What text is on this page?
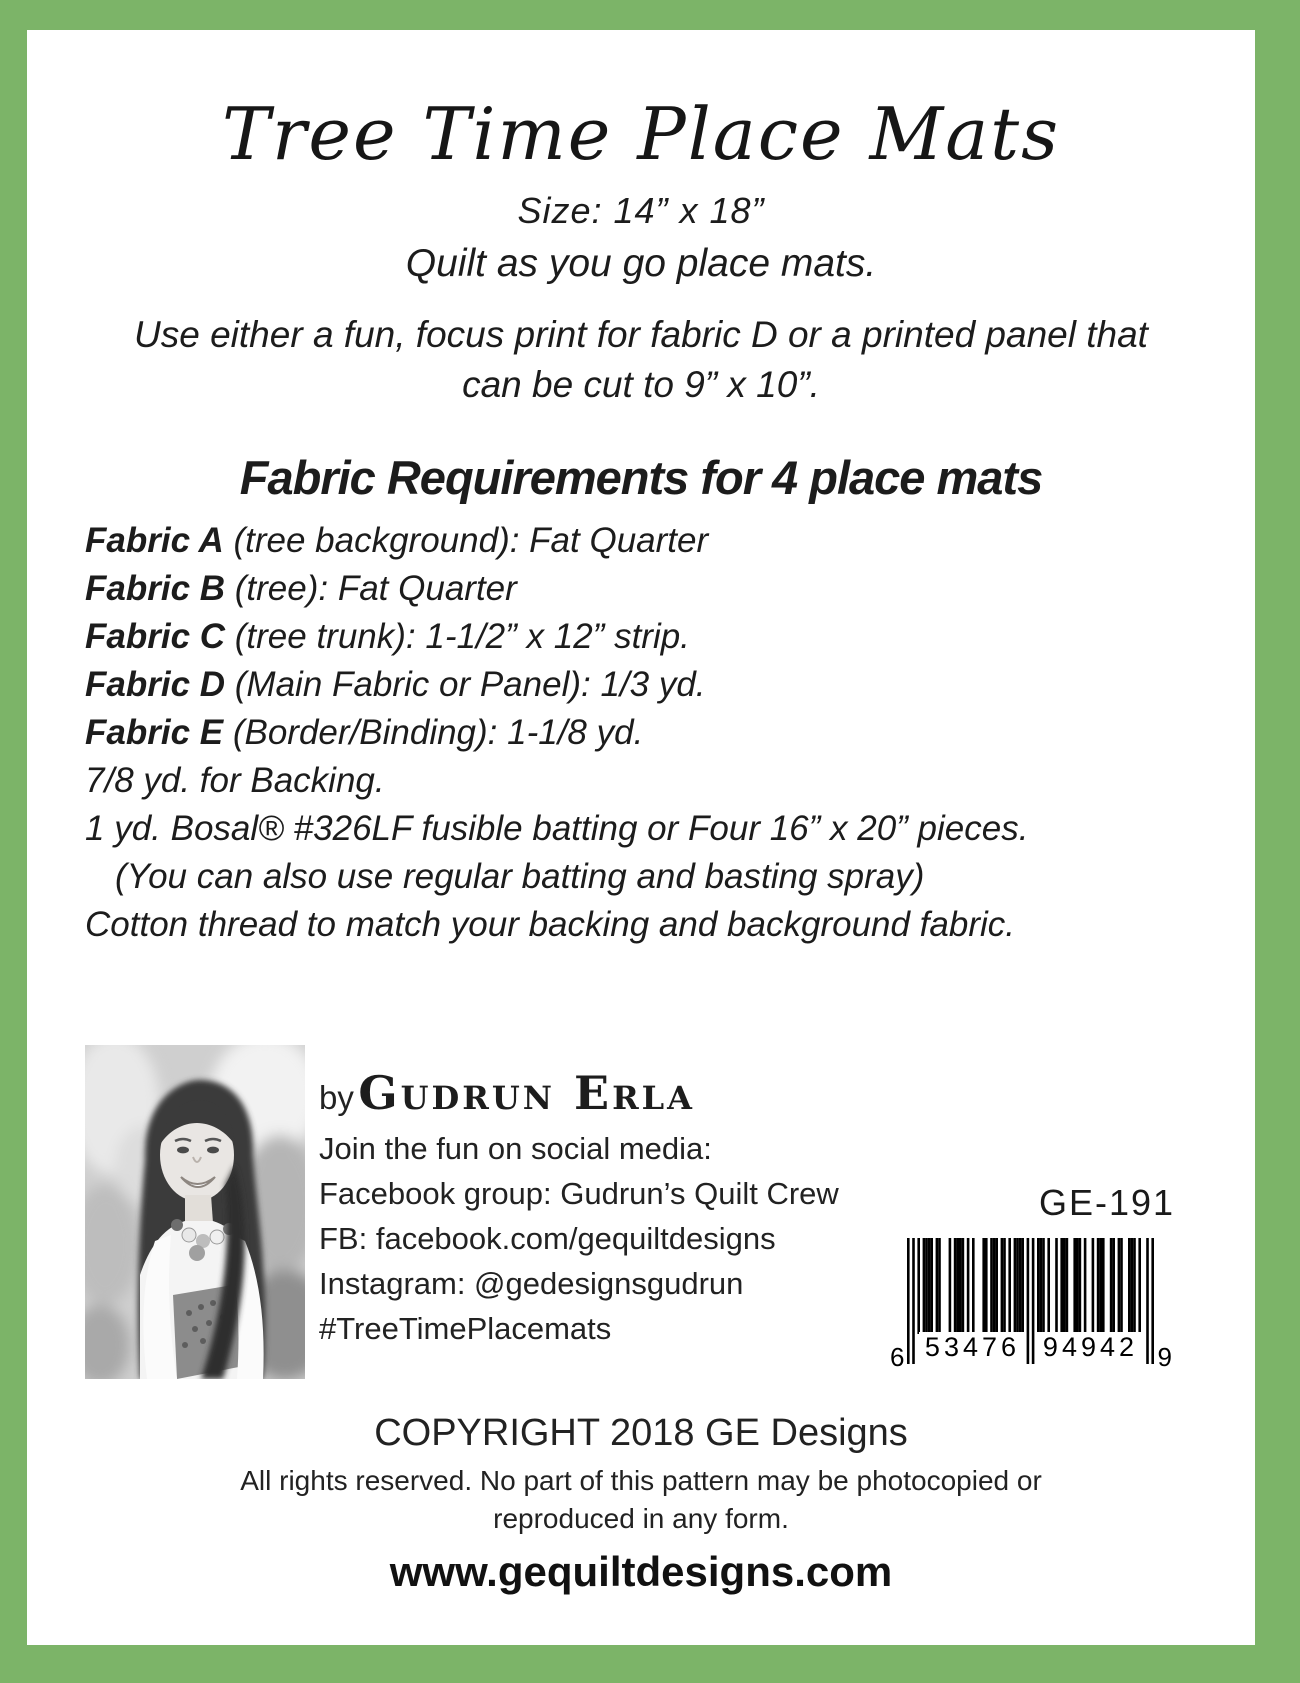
Tree Time Place Mats
Size: 14” x 18”
Quilt as you go place mats.
Use either a fun, focus print for fabric D or a printed panel that
can be cut to 9” x 10”.
Fabric Requirements for 4 place mats
Fabric A (tree background): Fat Quarter
Fabric B (tree): Fat Quarter
Fabric C (tree trunk): 1-1/2” x 12” strip.
Fabric D (Main Fabric or Panel): 1/3 yd.
Fabric E (Border/Binding): 1-1/8 yd.
7/8 yd. for Backing.
1 yd. Bosal® #326LF fusible batting or Four 16” x 20” pieces.
(You can also use regular batting and basting spray)
Cotton thread to match your backing and background fabric.
by Gudrun Erla
Join the fun on social media:
Facebook group: Gudrun’s Quilt Crew
FB: facebook.com/gequiltdesigns
Instagram: @gedesignsgudrun
#TreeTimePlacemats
GE-191
6 53476 94942 9
COPYRIGHT 2018 GE Designs
All rights reserved. No part of this pattern may be photocopied or
reproduced in any form.
www.gequiltdesigns.com
